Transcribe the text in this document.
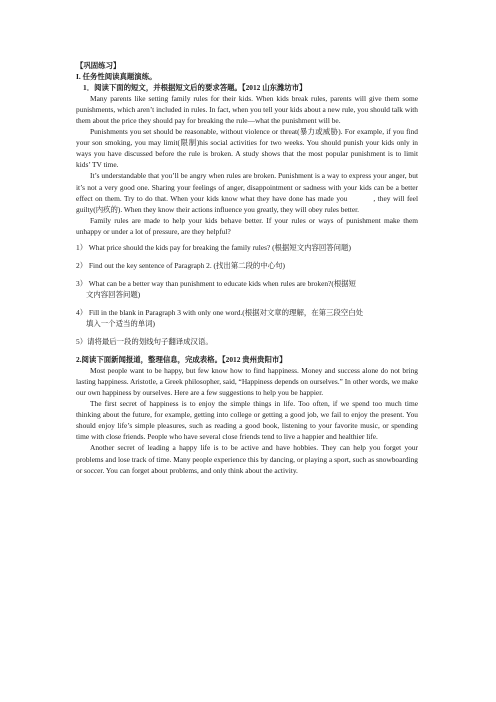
【巩固练习】

I. 任务性阅读真题演练。

1．阅读下面的短文，并根据短文后的要求答题。【2012 山东潍坊市】

Many parents like setting family rules for their kids. When kids break rules, parents will give them some punishments, which aren’t included in rules. In fact, when you tell your kids about a new rule, you should talk with them about the price they should pay for breaking the rule—what the punishment will be.

Punishments you set should be reasonable, without violence or threat(暴力或威胁). For example, if you find your son smoking, you may limit(限制)his social activities for two weeks. You should punish your kids only in ways you have discussed before the rule is broken. A study shows that the most popular punishment is to limit kids’ TV time.

It’s understandable that you’ll be angry when rules are broken. Punishment is a way to express your anger, but it’s not a very good one. Sharing your feelings of anger, disappointment or sadness with your kids can be a better effect on them. Try to do that. When your kids know what they have done has made you	, they will feel guilty(内疚的). When they know their actions influence you greatly, they will obey rules better.

Family rules are made to help your kids behave better. If your rules or ways of punishment make them unhappy or under a lot of pressure, are they helpful?

1） What price should the kids pay for breaking the family rules? (根据短文内容回答问题)

2） Find out the key sentence of Paragraph 2. (找出第二段的中心句)

3） What can be a better way than punishment to educate kids when rules are broken?(根据短

文内容回答问题)

4） Fill in the blank in Paragraph 3 with only one word.(根据对文章的理解，在第三段空白处

填入一个适当的单词)

5）请将最后一段的划线句子翻译成汉语。

2.阅读下面新闻报道，整理信息，完成表格。【2012 贵州贵阳市】

Most people want to be happy, but few know how to find happiness. Money and success alone do not bring lasting happiness. Aristotle, a Greek philosopher, said, “Happiness depends on ourselves.” In other words, we make our own happiness by ourselves. Here are a few suggestions to help you be happier.

The first secret of happiness is to enjoy the simple things in life. Too often, if we spend too much time thinking about the future, for example, getting into college or getting a good job, we fail to enjoy the present. You should enjoy life’s simple pleasures, such as reading a good book, listening to your favorite music, or spending time with close friends. People who have several close friends tend to live a happier and healthier life.

Another secret of leading a happy life is to be active and have hobbies. They can help you forget your problems and lose track of time. Many people experience this by dancing, or playing a sport, such as snowboarding or soccer. You can forget about problems, and only think about the activity.
